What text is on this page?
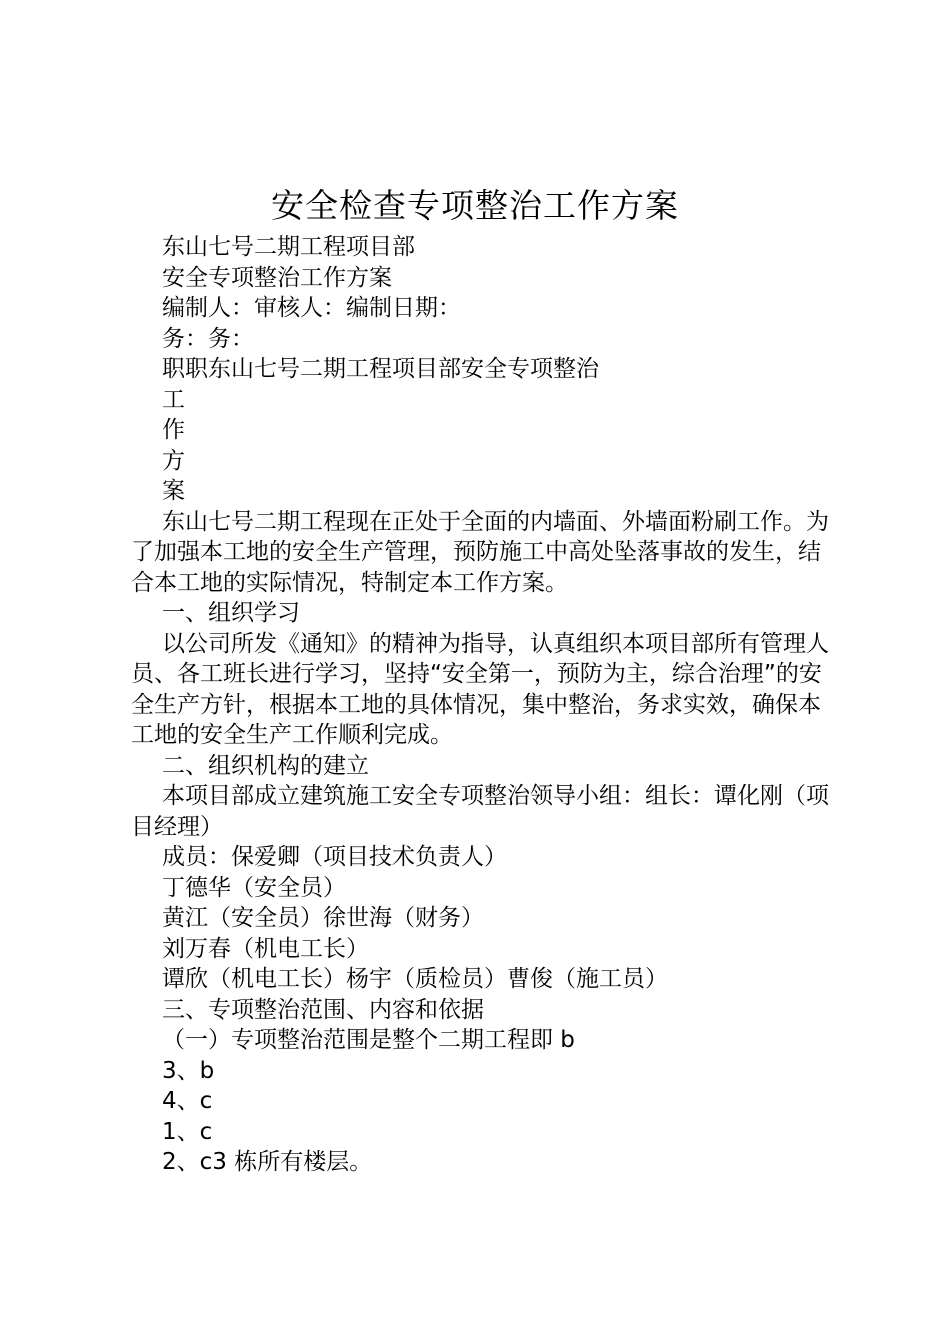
安全检查专项整治工作方案

东山七号二期工程项目部

安全专项整治工作方案

编制人：审核人：编制日期：

务：务：

职职东山七号二期工程项目部安全专项整治

工

作

方

案

东山七号二期工程现在正处于全面的内墙面、外墙面粉刷工作。为了加强本工地的安全生产管理，预防施工中高处坠落事故的发生，结合本工地的实际情况，特制定本工作方案。

一、组织学习

以公司所发《通知》的精神为指导，认真组织本项目部所有管理人员、各工班长进行学习，坚持“安全第一，预防为主，综合治理”的安全生产方针，根据本工地的具体情况，集中整治，务求实效，确保本工地的安全生产工作顺利完成。

二、组织机构的建立

本项目部成立建筑施工安全专项整治领导小组：组长：谭化刚（项目经理）

成员：保爱卿（项目技术负责人）

丁德华（安全员）

黄江（安全员）徐世海（财务）

刘万春（机电工长）

谭欣（机电工长）杨宇（质检员）曹俊（施工员）

三、专项整治范围、内容和依据

（一）专项整治范围是整个二期工程即 b

3、b

4、c

1、c

2、c3 栋所有楼层。
